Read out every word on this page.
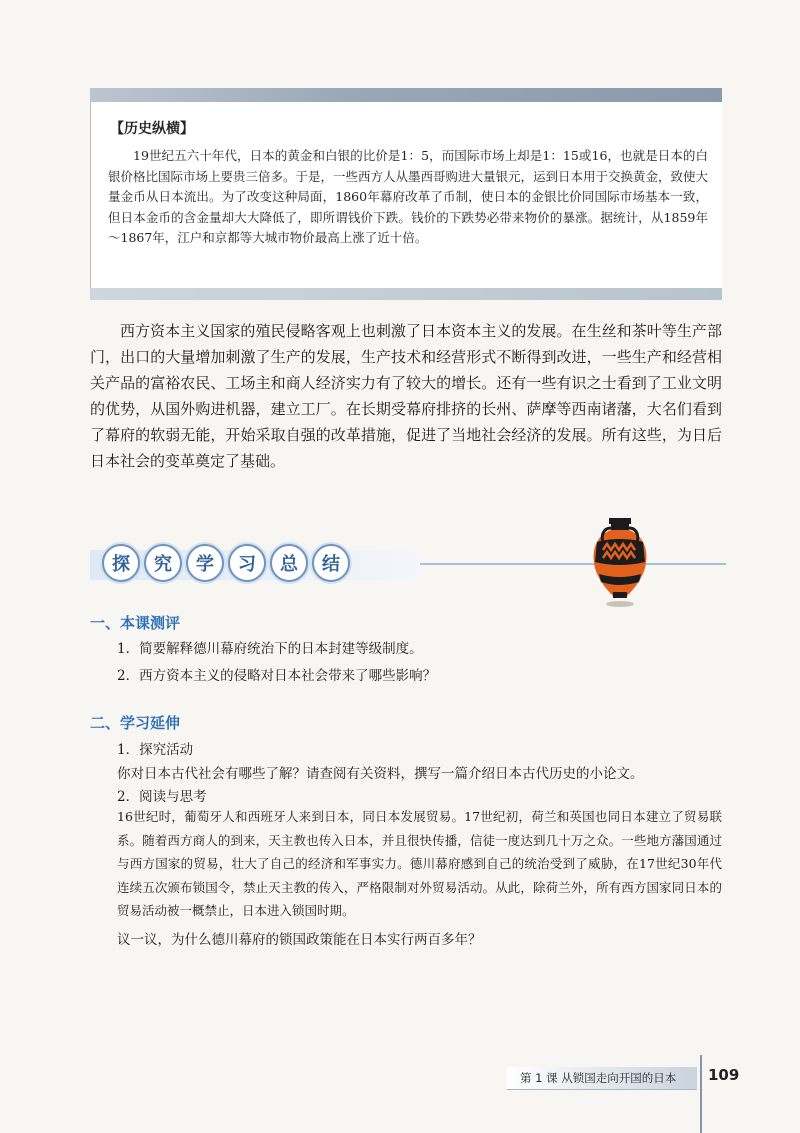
【历史纵横】
19世纪五六十年代，日本的黄金和白银的比价是1：5，而国际市场上却是1：15或16，也就是日本的白银价格比国际市场上要贵三倍多。于是，一些西方人从墨西哥购进大量银元，运到日本用于交换黄金，致使大量金币从日本流出。为了改变这种局面，1860年幕府改革了币制，使日本的金银比价同国际市场基本一致，但日本金币的含金量却大大降低了，即所谓钱价下跌。钱价的下跌势必带来物价的暴涨。据统计，从1859年～1867年，江户和京都等大城市物价最高上涨了近十倍。
西方资本主义国家的殖民侵略客观上也刺激了日本资本主义的发展。在生丝和茶叶等生产部门，出口的大量增加刺激了生产的发展，生产技术和经营形式不断得到改进，一些生产和经营相关产品的富裕农民、工场主和商人经济实力有了较大的增长。还有一些有识之士看到了工业文明的优势，从国外购进机器，建立工厂。在长期受幕府排挤的长州、萨摩等西南诸藩，大名们看到了幕府的软弱无能，开始采取自强的改革措施，促进了当地社会经济的发展。所有这些，为日后日本社会的变革奠定了基础。
探	究	学	习	总	结
一、本课测评
1．简要解释德川幕府统治下的日本封建等级制度。
2．西方资本主义的侵略对日本社会带来了哪些影响？
二、学习延伸
1．探究活动
你对日本古代社会有哪些了解？请查阅有关资料，撰写一篇介绍日本古代历史的小论文。
2．阅读与思考
16世纪时，葡萄牙人和西班牙人来到日本，同日本发展贸易。17世纪初，荷兰和英国也同日本建立了贸易联系。随着西方商人的到来，天主教也传入日本，并且很快传播，信徒一度达到几十万之众。一些地方藩国通过与西方国家的贸易，壮大了自己的经济和军事实力。德川幕府感到自己的统治受到了威胁，在17世纪30年代连续五次颁布锁国令，禁止天主教的传入，严格限制对外贸易活动。从此，除荷兰外，所有西方国家同日本的贸易活动被一概禁止，日本进入锁国时期。
议一议，为什么德川幕府的锁国政策能在日本实行两百多年？
第 1 课 从锁国走向开国的日本 109
